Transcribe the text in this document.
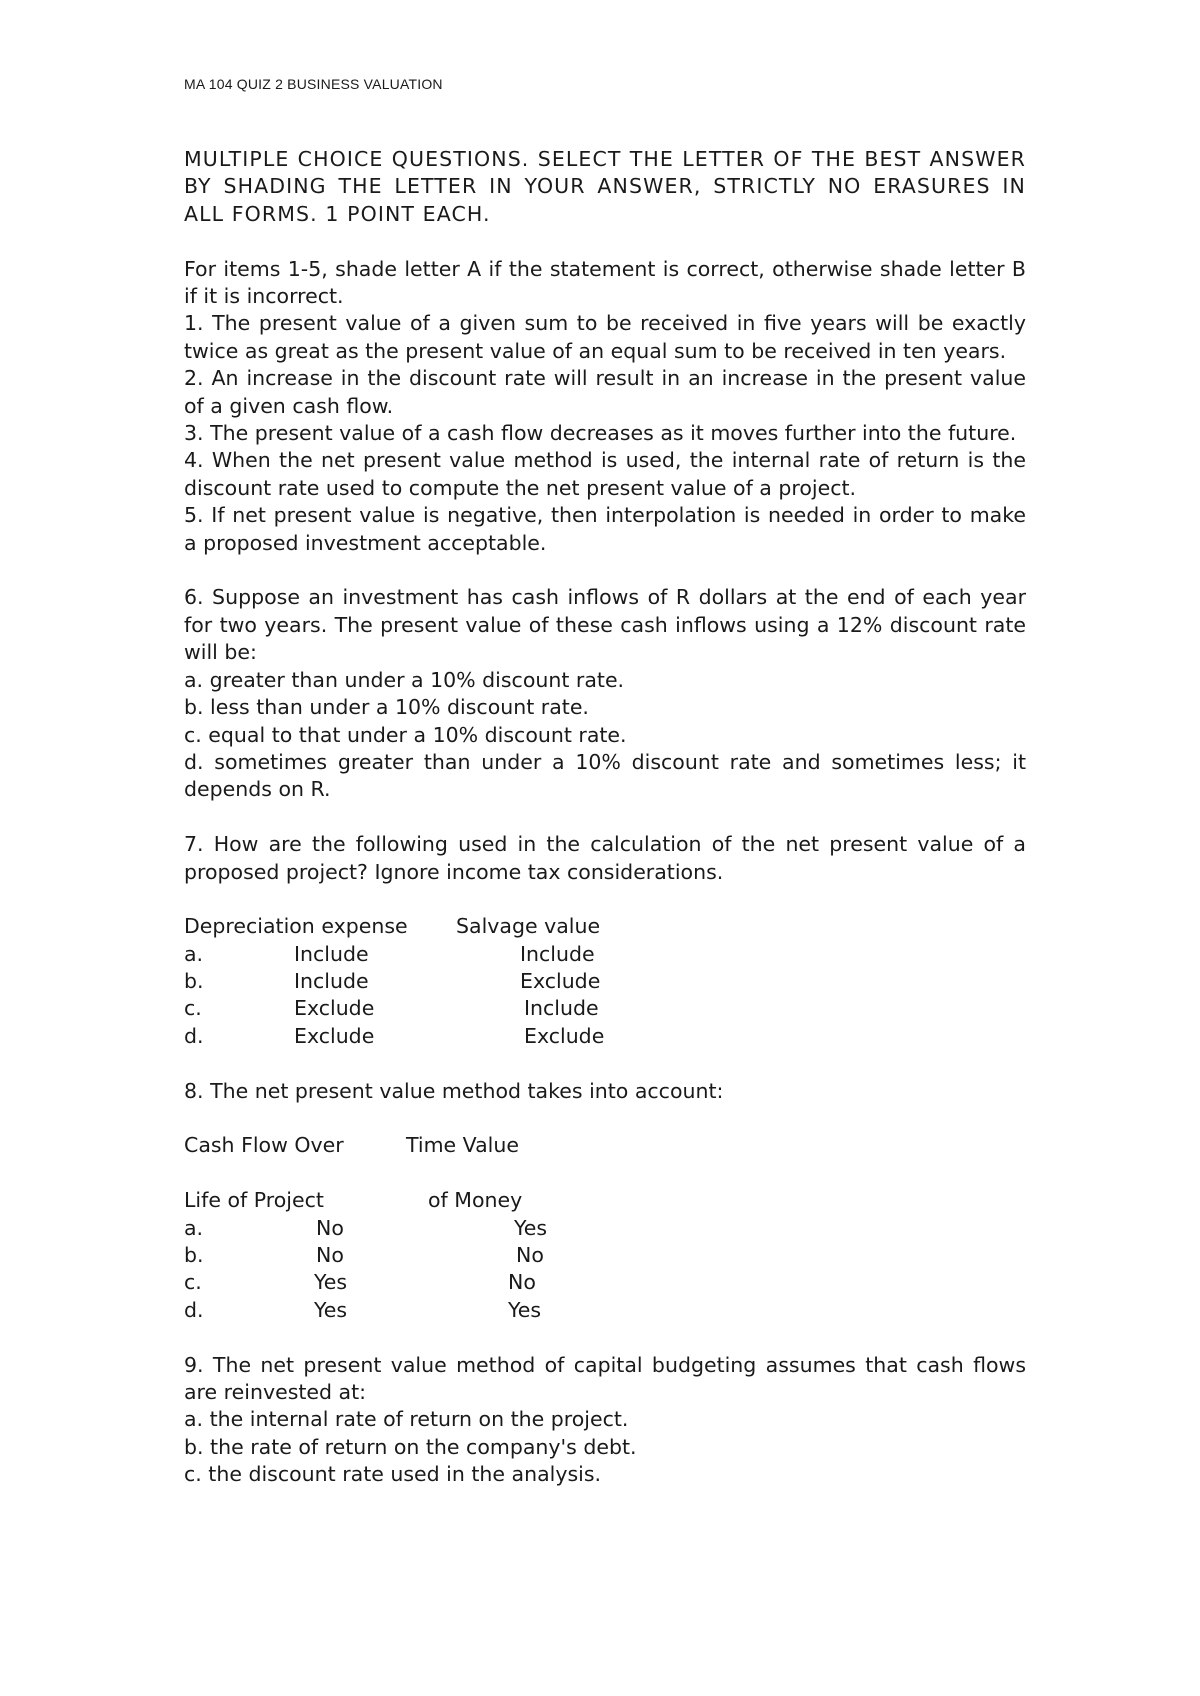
MA 104 QUIZ 2 BUSINESS VALUATION

MULTIPLE CHOICE QUESTIONS. SELECT THE LETTER OF THE BEST ANSWER BY SHADING THE LETTER IN YOUR ANSWER, STRICTLY NO ERASURES IN ALL FORMS. 1 POINT EACH.

For items 1-5, shade letter A if the statement is correct, otherwise shade letter B if it is incorrect.

1. The present value of a given sum to be received in five years will be exactly twice as great as the present value of an equal sum to be received in ten years.

2. An increase in the discount rate will result in an increase in the present value of a given cash flow.

3. The present value of a cash flow decreases as it moves further into the future.

4. When the net present value method is used, the internal rate of return is the discount rate used to compute the net present value of a project.

5. If net present value is negative, then interpolation is needed in order to make a proposed investment acceptable.

6. Suppose an investment has cash inflows of R dollars at the end of each year for two years. The present value of these cash inflows using a 12% discount rate will be:

a. greater than under a 10% discount rate.

b. less than under a 10% discount rate.

c. equal to that under a 10% discount rate.

d. sometimes greater than under a 10% discount rate and sometimes less; it depends on R.

7. How are the following used in the calculation of the net present value of a proposed project? Ignore income tax considerations.

Depreciation expense Salvage value
a.	Include	Include
b.	Include	Exclude
c.	Exclude	Include
d.	Exclude	Exclude

8. The net present value method takes into account:

Cash Flow Over	Time Value
Life of Project	of Money
a.	No	Yes
b.	No	No
c.	Yes	No
d.	Yes	Yes

9. The net present value method of capital budgeting assumes that cash flows are reinvested at:

a. the internal rate of return on the project.

b. the rate of return on the company's debt.

c. the discount rate used in the analysis.
